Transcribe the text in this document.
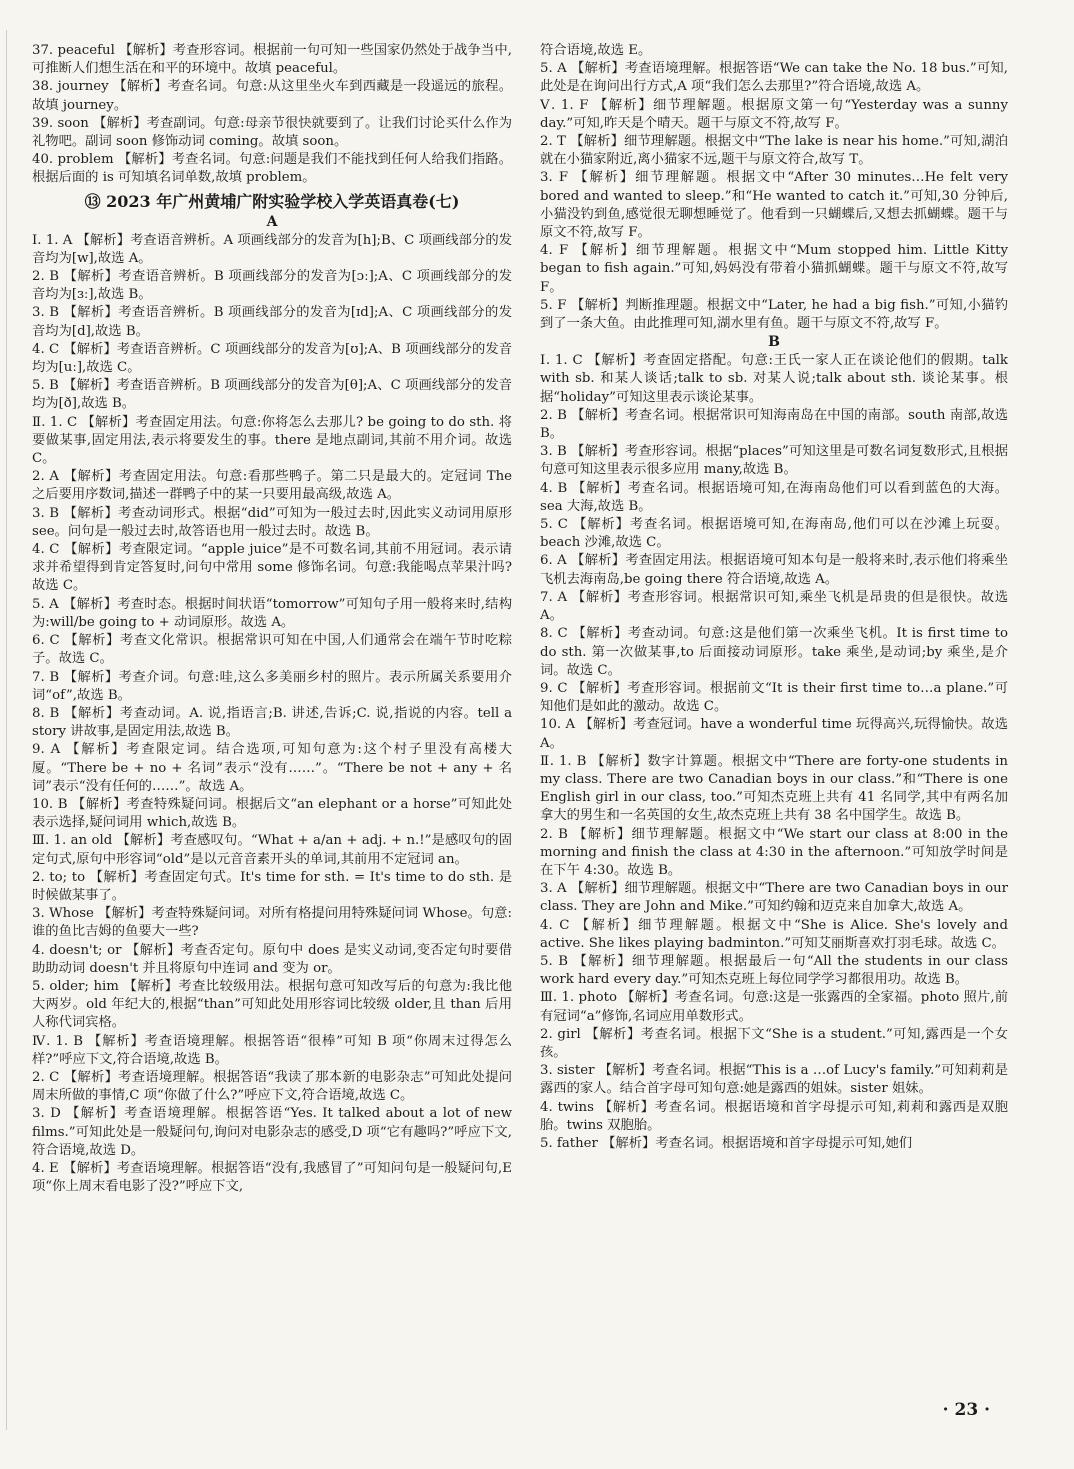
37. peaceful 【解析】考查形容词。根据前一句可知一些国家仍然处于战争当中,可推断人们想生活在和平的环境中。故填 peaceful。

38. journey 【解析】考查名词。句意:从这里坐火车到西藏是一段遥远的旅程。故填 journey。

39. soon 【解析】考查副词。句意:母亲节很快就要到了。让我们讨论买什么作为礼物吧。副词 soon 修饰动词 coming。故填 soon。

40. problem 【解析】考查名词。句意:问题是我们不能找到任何人给我们指路。根据后面的 is 可知填名词单数,故填 problem。

⑬ 2023 年广州黄埔广附实验学校入学英语真卷(七)
A

Ⅰ. 1. A 【解析】考查语音辨析。A 项画线部分的发音为[h];B、C 项画线部分的发音均为[w],故选 A。

2. B 【解析】考查语音辨析。B 项画线部分的发音为[ɔː];A、C 项画线部分的发音均为[ɜː],故选 B。

3. B 【解析】考查语音辨析。B 项画线部分的发音为[ɪd];A、C 项画线部分的发音均为[d],故选 B。

4. C 【解析】考查语音辨析。C 项画线部分的发音为[ʊ];A、B 项画线部分的发音均为[uː],故选 C。

5. B 【解析】考查语音辨析。B 项画线部分的发音为[θ];A、C 项画线部分的发音均为[ð],故选 B。

Ⅱ. 1. C 【解析】考查固定用法。句意:你将怎么去那儿? be going to do sth. 将要做某事,固定用法,表示将要发生的事。there 是地点副词,其前不用介词。故选 C。

2. A 【解析】考查固定用法。句意:看那些鸭子。第二只是最大的。定冠词 The 之后要用序数词,描述一群鸭子中的某一只要用最高级,故选 A。

3. B 【解析】考查动词形式。根据“did”可知为一般过去时,因此实义动词用原形 see。问句是一般过去时,故答语也用一般过去时。故选 B。

4. C 【解析】考查限定词。“apple juice”是不可数名词,其前不用冠词。表示请求并希望得到肯定答复时,问句中常用 some 修饰名词。句意:我能喝点苹果汁吗?故选 C。

5. A 【解析】考查时态。根据时间状语“tomorrow”可知句子用一般将来时,结构为:will/be going to + 动词原形。故选 A。

6. C 【解析】考查文化常识。根据常识可知在中国,人们通常会在端午节时吃粽子。故选 C。

7. B 【解析】考查介词。句意:哇,这么多美丽乡村的照片。表示所属关系要用介词“of”,故选 B。

8. B 【解析】考查动词。A. 说,指语言;B. 讲述,告诉;C. 说,指说的内容。tell a story 讲故事,是固定用法,故选 B。

9. A 【解析】考查限定词。结合选项,可知句意为:这个村子里没有高楼大厦。“There be + no + 名词”表示“没有……”。“There be not + any + 名词”表示“没有任何的……”。故选 A。

10. B 【解析】考查特殊疑问词。根据后文“an elephant or a horse”可知此处表示选择,疑问词用 which,故选 B。

Ⅲ. 1. an old 【解析】考查感叹句。“What + a/an + adj. + n.!”是感叹句的固定句式,原句中形容词“old”是以元音音素开头的单词,其前用不定冠词 an。

2. to; to 【解析】考查固定句式。It's time for sth. = It's time to do sth. 是时候做某事了。

3. Whose 【解析】考查特殊疑问词。对所有格提问用特殊疑问词 Whose。句意:谁的鱼比吉姆的鱼要大一些?

4. doesn't; or 【解析】考查否定句。原句中 does 是实义动词,变否定句时要借助助动词 doesn't 并且将原句中连词 and 变为 or。

5. older; him 【解析】考查比较级用法。根据句意可知改写后的句意为:我比他大两岁。old 年纪大的,根据“than”可知此处用形容词比较级 older,且 than 后用人称代词宾格。

Ⅳ. 1. B 【解析】考查语境理解。根据答语“很棒”可知 B 项“你周末过得怎么样?”呼应下文,符合语境,故选 B。

2. C 【解析】考查语境理解。根据答语“我读了那本新的电影杂志”可知此处提问周末所做的事情,C 项“你做了什么?”呼应下文,符合语境,故选 C。

3. D 【解析】考查语境理解。根据答语“Yes. It talked about a lot of new films.”可知此处是一般疑问句,询问对电影杂志的感受,D 项“它有趣吗?”呼应下文,符合语境,故选 D。

4. E 【解析】考查语境理解。根据答语“没有,我感冒了”可知问句是一般疑问句,E 项“你上周末看电影了没?”呼应下文,

符合语境,故选 E。

5. A 【解析】考查语境理解。根据答语“We can take the No. 18 bus.”可知,此处是在询问出行方式,A 项“我们怎么去那里?”符合语境,故选 A。

Ⅴ. 1. F 【解析】细节理解题。根据原文第一句“Yesterday was a sunny day.”可知,昨天是个晴天。题干与原文不符,故写 F。

2. T 【解析】细节理解题。根据文中“The lake is near his home.”可知,湖泊就在小猫家附近,离小猫家不远,题干与原文符合,故写 T。

3. F 【解析】细节理解题。根据文中“After 30 minutes…He felt very bored and wanted to sleep.”和“He wanted to catch it.”可知,30 分钟后,小猫没钓到鱼,感觉很无聊想睡觉了。他看到一只蝴蝶后,又想去抓蝴蝶。题干与原文不符,故写 F。

4. F 【解析】细节理解题。根据文中“Mum stopped him. Little Kitty began to fish again.”可知,妈妈没有带着小猫抓蝴蝶。题干与原文不符,故写 F。

5. F 【解析】判断推理题。根据文中“Later, he had a big fish.”可知,小猫钓到了一条大鱼。由此推理可知,湖水里有鱼。题干与原文不符,故写 F。

B

Ⅰ. 1. C 【解析】考查固定搭配。句意:王氏一家人正在谈论他们的假期。talk with sb. 和某人谈话;talk to sb. 对某人说;talk about sth. 谈论某事。根据“holiday”可知这里表示谈论某事。

2. B 【解析】考查名词。根据常识可知海南岛在中国的南部。south 南部,故选 B。

3. B 【解析】考查形容词。根据“places”可知这里是可数名词复数形式,且根据句意可知这里表示很多应用 many,故选 B。

4. B 【解析】考查名词。根据语境可知,在海南岛他们可以看到蓝色的大海。sea 大海,故选 B。

5. C 【解析】考查名词。根据语境可知,在海南岛,他们可以在沙滩上玩耍。beach 沙滩,故选 C。

6. A 【解析】考查固定用法。根据语境可知本句是一般将来时,表示他们将乘坐飞机去海南岛,be going there 符合语境,故选 A。

7. A 【解析】考查形容词。根据常识可知,乘坐飞机是昂贵的但是很快。故选 A。

8. C 【解析】考查动词。句意:这是他们第一次乘坐飞机。It is first time to do sth. 第一次做某事,to 后面接动词原形。take 乘坐,是动词;by 乘坐,是介词。故选 C。

9. C 【解析】考查形容词。根据前文“It is their first time to…a plane.”可知他们是如此的激动。故选 C。

10. A 【解析】考查冠词。have a wonderful time 玩得高兴,玩得愉快。故选 A。

Ⅱ. 1. B 【解析】数字计算题。根据文中“There are forty-one students in my class. There are two Canadian boys in our class.”和“There is one English girl in our class, too.”可知杰克班上共有 41 名同学,其中有两名加拿大的男生和一名英国的女生,故杰克班上共有 38 名中国学生。故选 B。

2. B 【解析】细节理解题。根据文中“We start our class at 8:00 in the morning and finish the class at 4:30 in the afternoon.”可知放学时间是在下午 4:30。故选 B。

3. A 【解析】细节理解题。根据文中“There are two Canadian boys in our class. They are John and Mike.”可知约翰和迈克来自加拿大,故选 A。

4. C 【解析】细节理解题。根据文中“She is Alice. She's lovely and active. She likes playing badminton.”可知艾丽斯喜欢打羽毛球。故选 C。

5. B 【解析】细节理解题。根据最后一句“All the students in our class work hard every day.”可知杰克班上每位同学学习都很用功。故选 B。

Ⅲ. 1. photo 【解析】考查名词。句意:这是一张露西的全家福。photo 照片,前有冠词“a”修饰,名词应用单数形式。

2. girl 【解析】考查名词。根据下文“She is a student.”可知,露西是一个女孩。

3. sister 【解析】考查名词。根据“This is a …of Lucy's family.”可知莉莉是露西的家人。结合首字母可知句意:她是露西的姐妹。sister 姐妹。

4. twins 【解析】考查名词。根据语境和首字母提示可知,莉莉和露西是双胞胎。twins 双胞胎。

5. father 【解析】考查名词。根据语境和首字母提示可知,她们

· 23 ·
